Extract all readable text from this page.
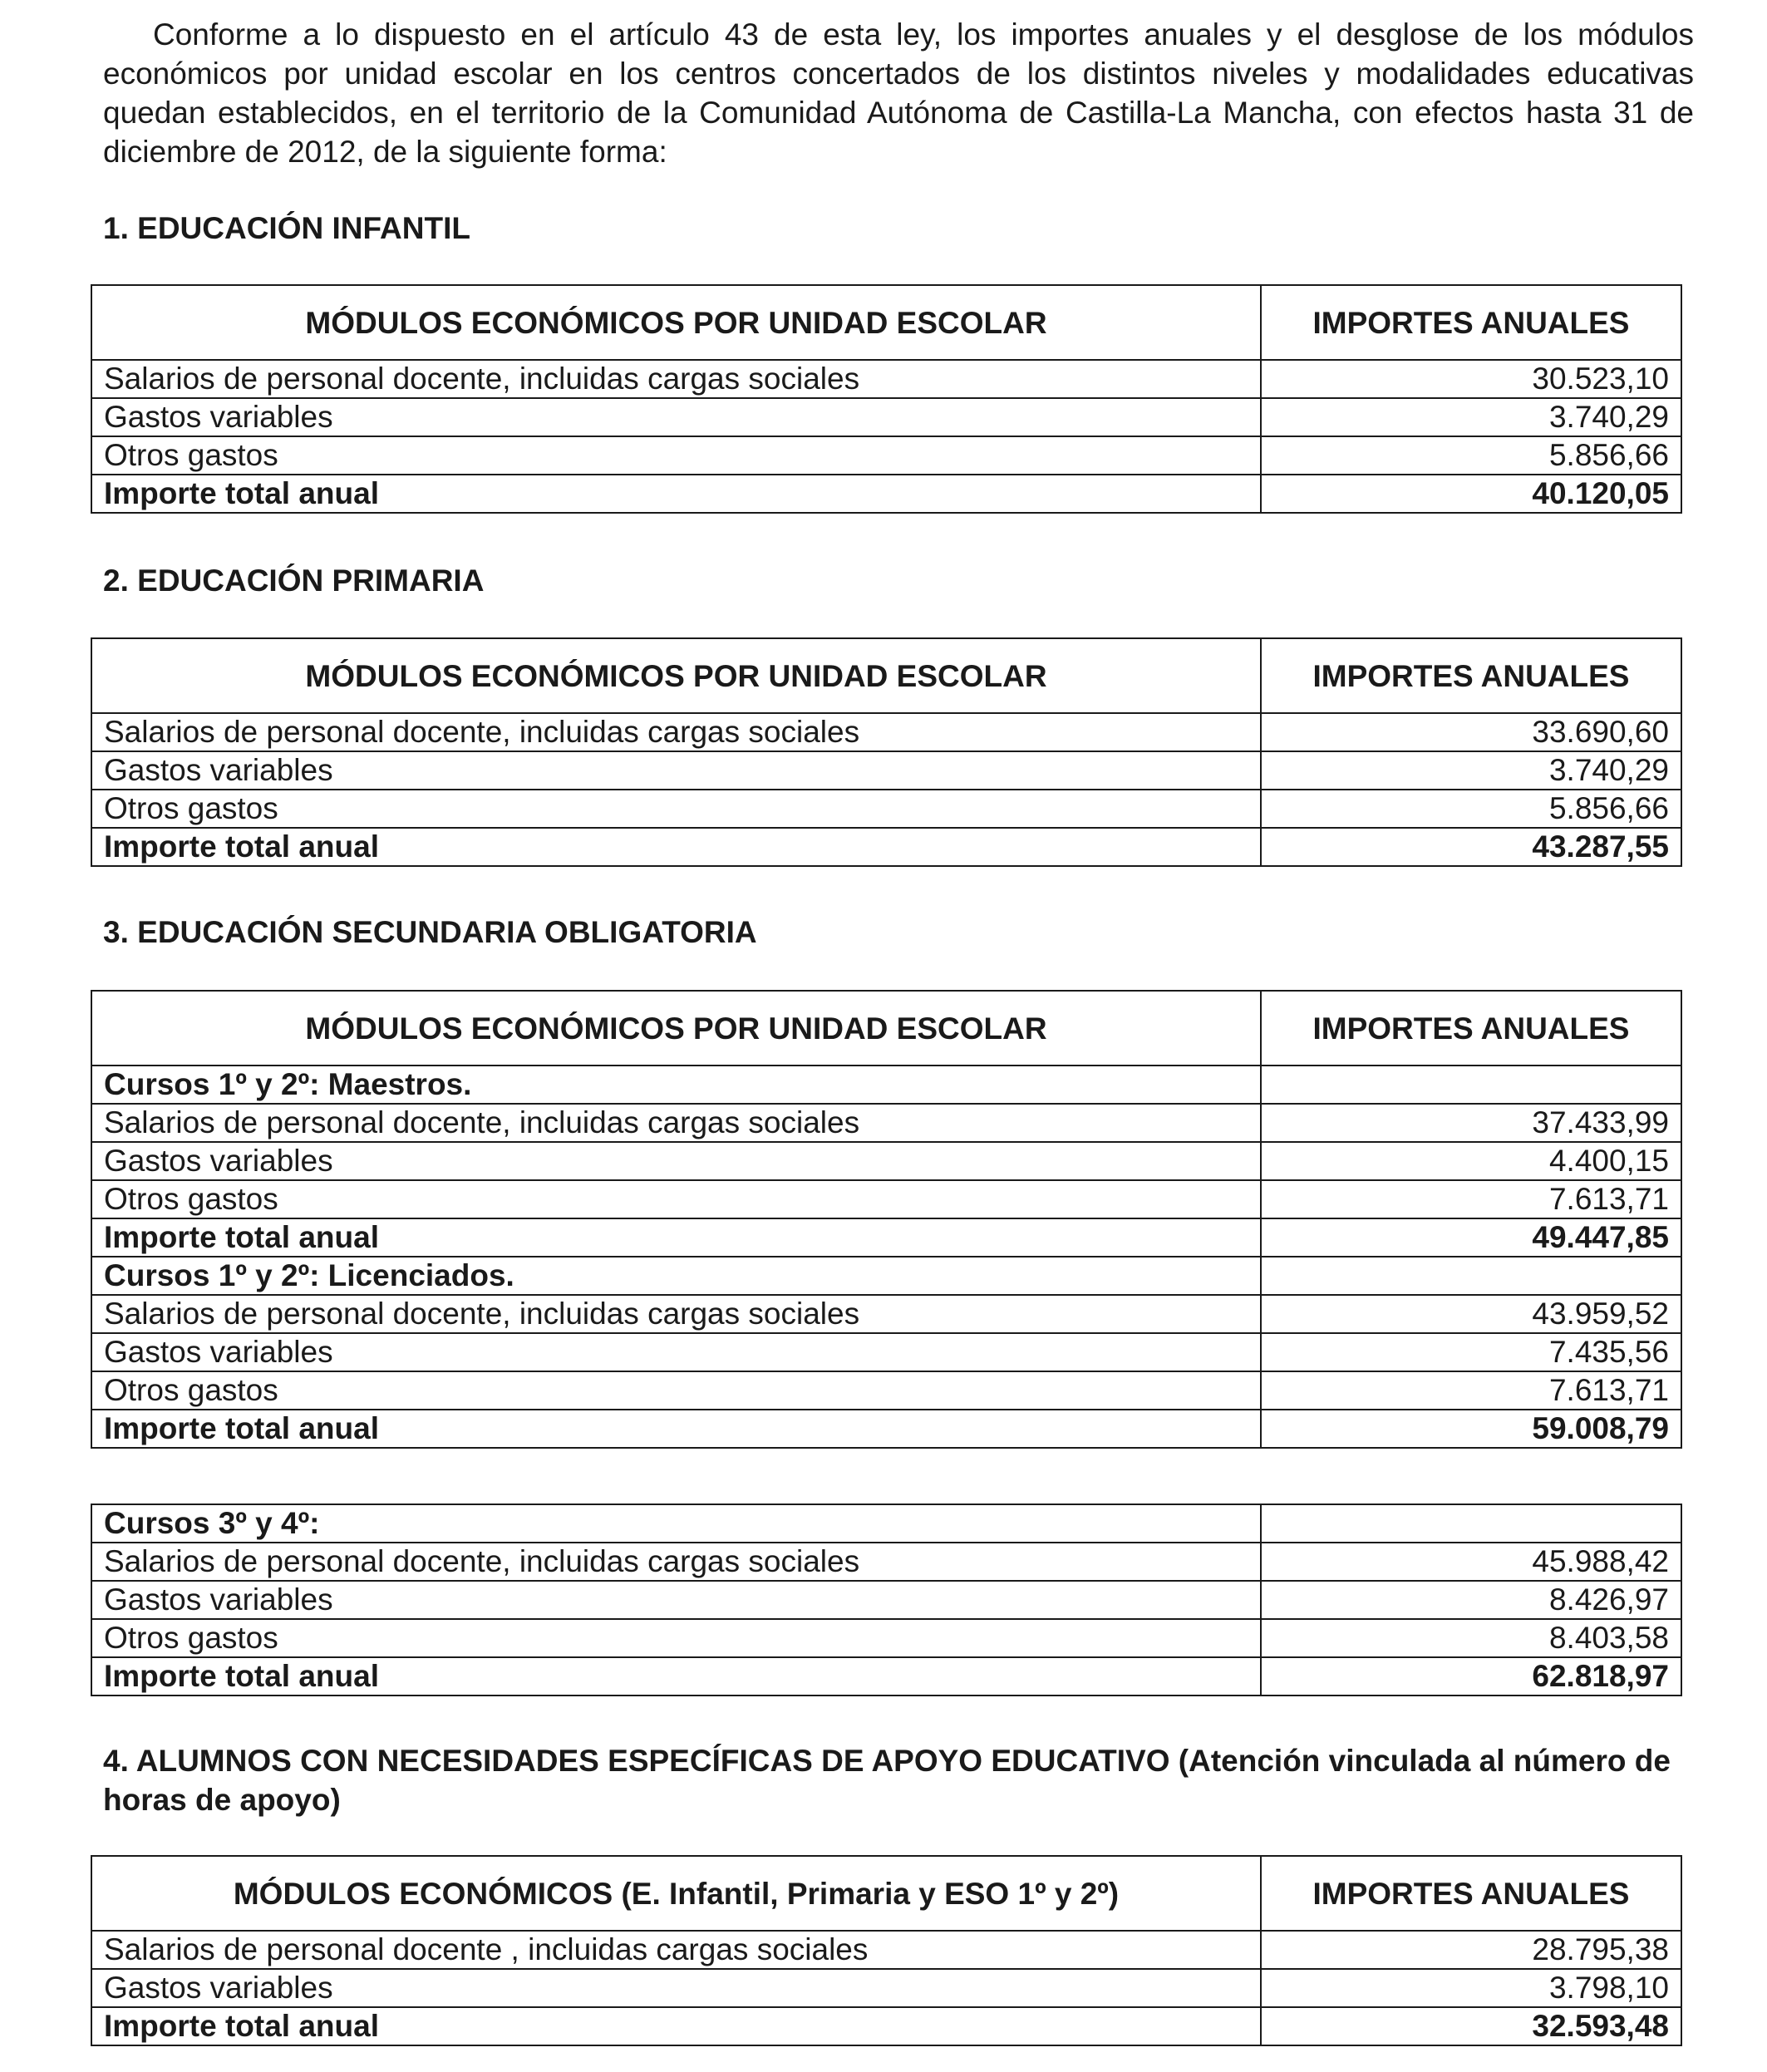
Conforme a lo dispuesto en el artículo 43 de esta ley, los importes anuales y el desglose de los módulos económicos por unidad escolar en los centros concertados de los distintos niveles y modalidades educativas quedan establecidos, en el territorio de la Comunidad Autónoma de Castilla-La Mancha, con efectos hasta 31 de diciembre de 2012, de la siguiente forma:

1. EDUCACIÓN INFANTIL
MÓDULOS ECONÓMICOS POR UNIDAD ESCOLAR	IMPORTES ANUALES
Salarios de personal docente, incluidas cargas sociales	30.523,10
Gastos variables	3.740,29
Otros gastos	5.856,66
Importe total anual	40.120,05
2. EDUCACIÓN PRIMARIA
MÓDULOS ECONÓMICOS POR UNIDAD ESCOLAR	IMPORTES ANUALES
Salarios de personal docente, incluidas cargas sociales	33.690,60
Gastos variables	3.740,29
Otros gastos	5.856,66
Importe total anual	43.287,55
3. EDUCACIÓN SECUNDARIA OBLIGATORIA
MÓDULOS ECONÓMICOS POR UNIDAD ESCOLAR	IMPORTES ANUALES
Cursos 1º y 2º: Maestros.	
Salarios de personal docente, incluidas cargas sociales	37.433,99
Gastos variables	4.400,15
Otros gastos	7.613,71
Importe total anual	49.447,85
Cursos 1º y 2º: Licenciados.	
Salarios de personal docente, incluidas cargas sociales	43.959,52
Gastos variables	7.435,56
Otros gastos	7.613,71
Importe total anual	59.008,79
Cursos 3º y 4º:	
Salarios de personal docente, incluidas cargas sociales	45.988,42
Gastos variables	8.426,97
Otros gastos	8.403,58
Importe total anual	62.818,97
4. ALUMNOS CON NECESIDADES ESPECÍFICAS DE APOYO EDUCATIVO (Atención vinculada al número de horas de apoyo)
MÓDULOS ECONÓMICOS (E. Infantil, Primaria y ESO 1º y 2º)	IMPORTES ANUALES
Salarios de personal docente , incluidas cargas sociales	28.795,38
Gastos variables	3.798,10
Importe total anual	32.593,48
